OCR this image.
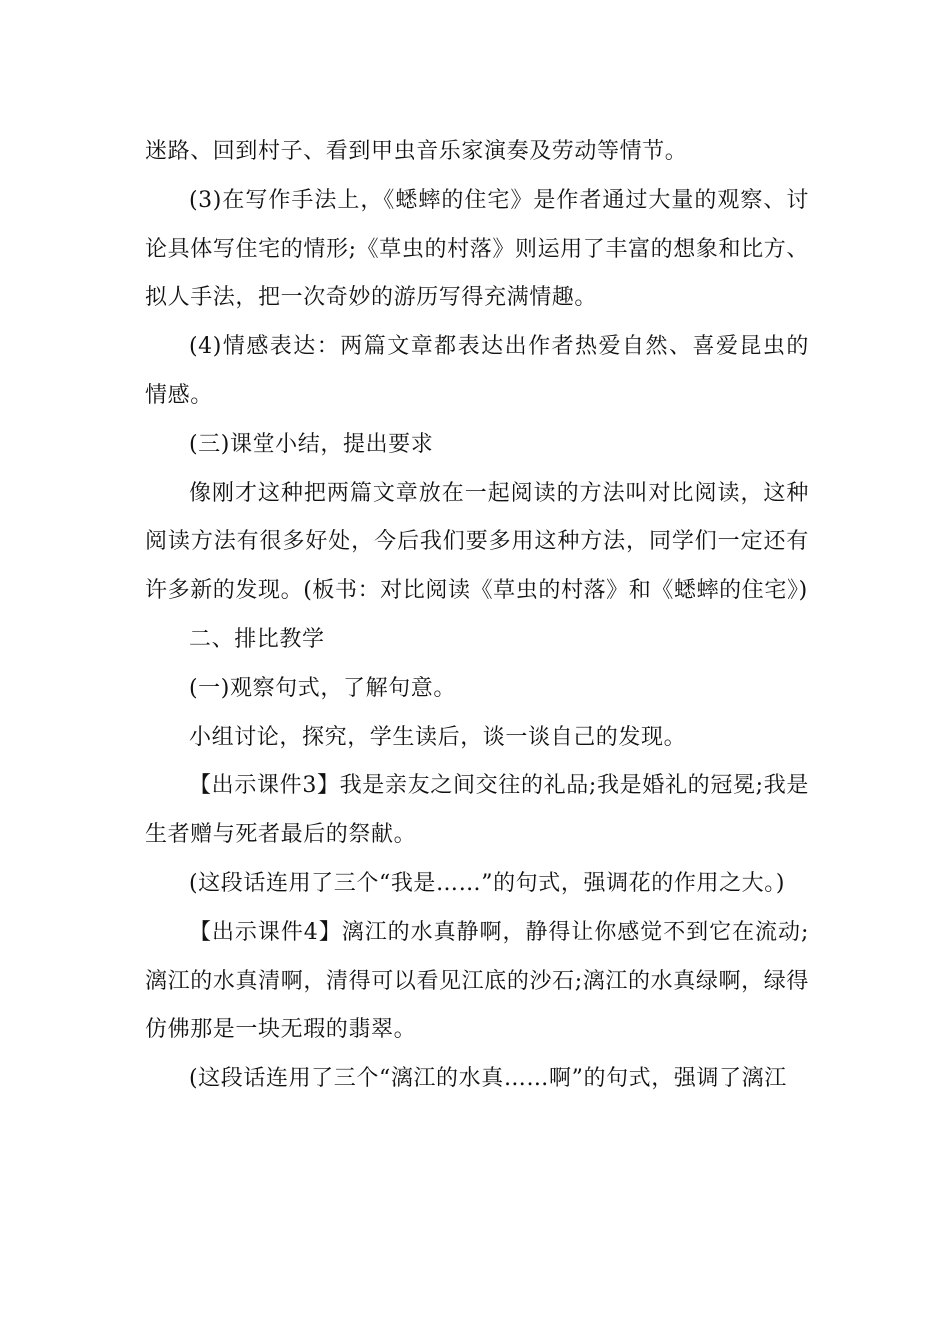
迷路、回到村子、看到甲虫音乐家演奏及劳动等情节。

(3)在写作手法上，《蟋蟀的住宅》是作者通过大量的观察、讨论具体写住宅的情形;《草虫的村落》则运用了丰富的想象和比方、拟人手法，把一次奇妙的游历写得充满情趣。

(4)情感表达：两篇文章都表达出作者热爱自然、喜爱昆虫的情感。

(三)课堂小结，提出要求

像刚才这种把两篇文章放在一起阅读的方法叫对比阅读，这种阅读方法有很多好处，今后我们要多用这种方法，同学们一定还有许多新的发现。(板书：对比阅读《草虫的村落》和《蟋蟀的住宅》)

二、排比教学

(一)观察句式，了解句意。

小组讨论，探究，学生读后，谈一谈自己的发现。

【出示课件3】我是亲友之间交往的礼品;我是婚礼的冠冕;我是生者赠与死者最后的祭献。

(这段话连用了三个“我是……”的句式，强调花的作用之大。)

【出示课件4】漓江的水真静啊，静得让你感觉不到它在流动;漓江的水真清啊，清得可以看见江底的沙石;漓江的水真绿啊，绿得仿佛那是一块无瑕的翡翠。

(这段话连用了三个“漓江的水真……啊”的句式，强调了漓江
